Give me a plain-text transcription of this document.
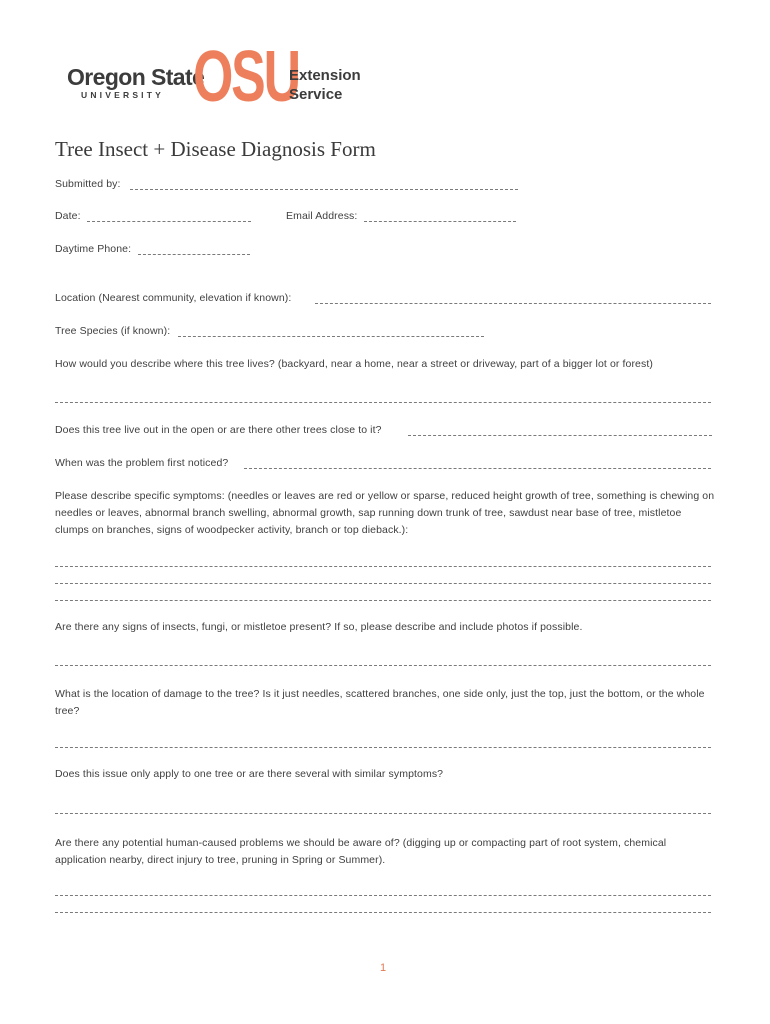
Oregon State
UNIVERSITY OSU
Extension
Service
Tree Insect + Disease Diagnosis Form
Submitted by:
Date:	Email Address:
Daytime Phone:
Location (Nearest community, elevation if known):
Tree Species (if known):
How would you describe where this tree lives? (backyard, near a home, near a street or driveway, part of a bigger lot or forest)
Does this tree live out in the open or are there other trees close to it?
When was the problem first noticed?
Please describe specific symptoms: (needles or leaves are red or yellow or sparse, reduced height growth of tree, something is chewing on needles or leaves, abnormal branch swelling, abnormal growth, sap running down trunk of tree, sawdust near base of tree, mistletoe clumps on branches, signs of woodpecker activity, branch or top dieback.):
Are there any signs of insects, fungi, or mistletoe present? If so, please describe and include photos if possible.
What is the location of damage to the tree? Is it just needles, scattered branches, one side only, just the top, just the bottom, or the whole tree?
Does this issue only apply to one tree or are there several with similar symptoms?
Are there any potential human-caused problems we should be aware of? (digging up or compacting part of root system, chemical application nearby, direct injury to tree, pruning in Spring or Summer).
1
